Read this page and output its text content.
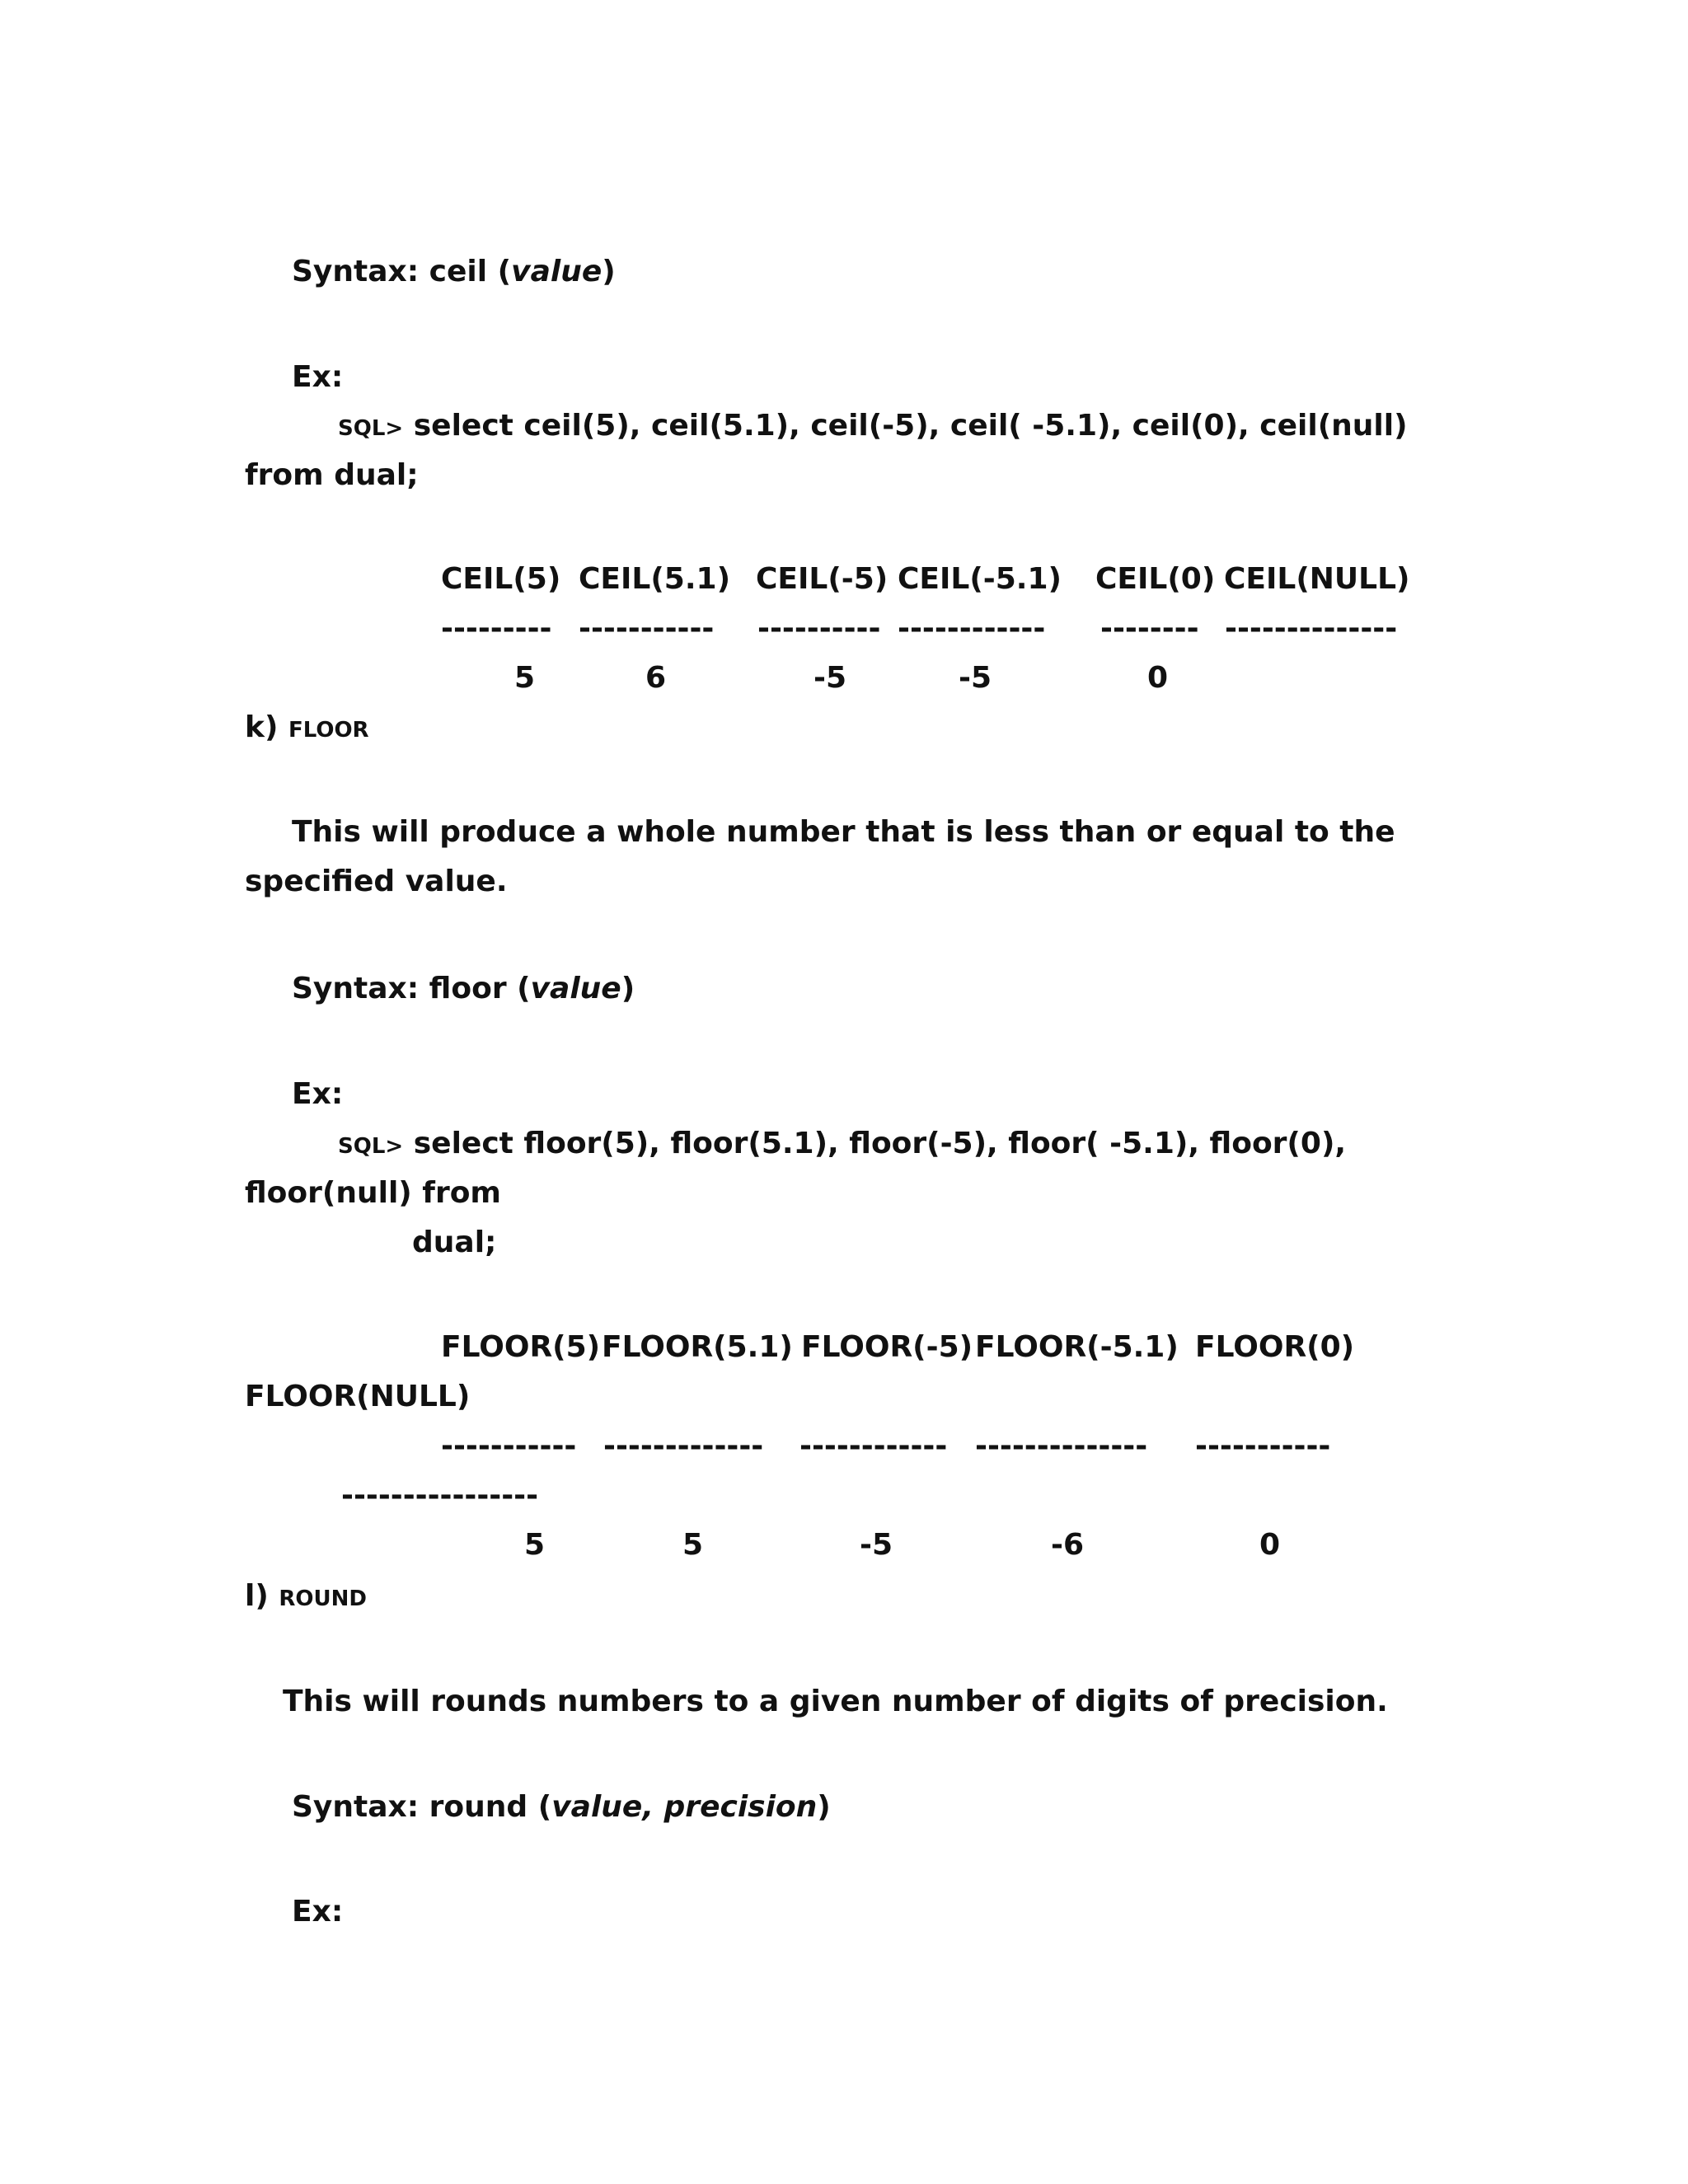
Syntax: ceil (value)
Ex:
SQL> select ceil(5), ceil(5.1), ceil(-5), ceil( -5.1), ceil(0), ceil(null)
from dual;
CEIL(5) CEIL(5.1) CEIL(-5) CEIL(-5.1) CEIL(0) CEIL(NULL)
--------- ----------- ---------- ------------ -------- --------------
5	6	-5	-5	0
k) FLOOR
This will produce a whole number that is less than or equal to the
specified value.
Syntax: floor (value)
Ex:
SQL> select floor(5), floor(5.1), floor(-5), floor( -5.1), floor(0),
floor(null) from
dual;
FLOOR(5) FLOOR(5.1) FLOOR(-5) FLOOR(-5.1) FLOOR(0)
FLOOR(NULL)
----------- ------------- ------------ -------------- -----------
----------------
5	5	-5	-6	0
l) ROUND
This will rounds numbers to a given number of digits of precision.
Syntax: round (value, precision)
Ex:
